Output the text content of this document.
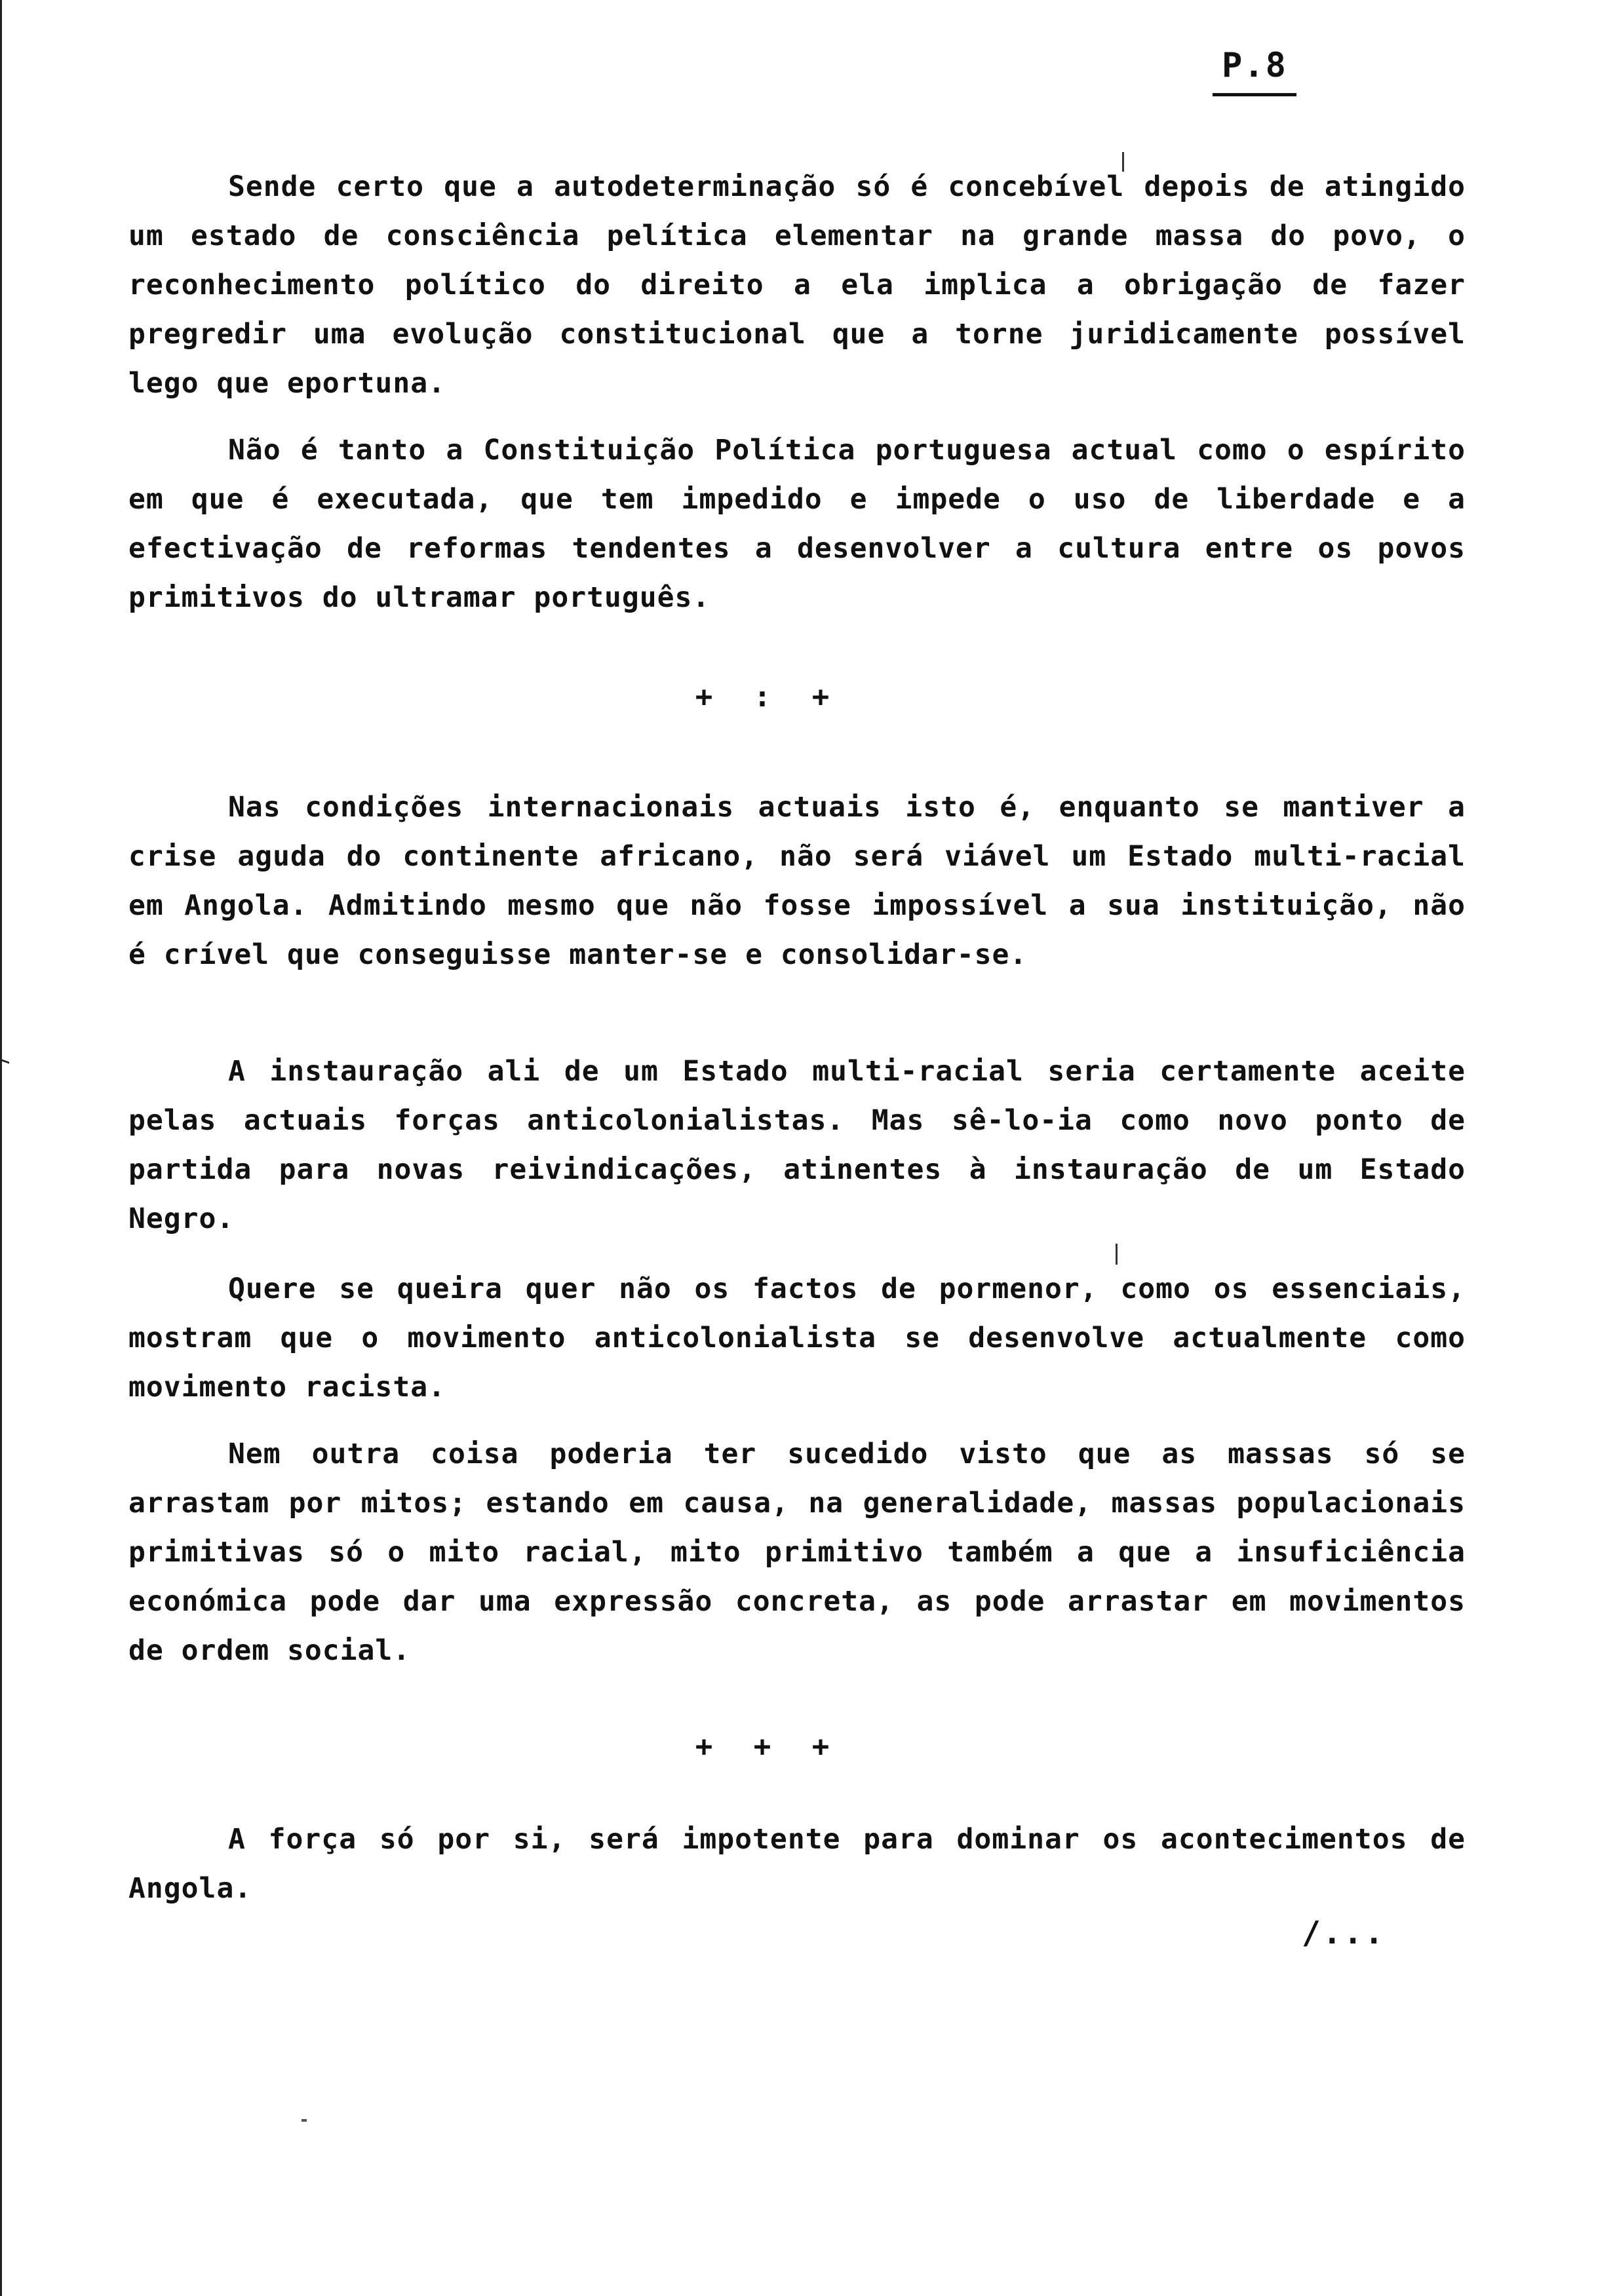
P.8

Sende certo que a autodeterminação só é concebível depois de atingido um estado de consciência pelítica elementar na grande massa do povo, o reconhecimento político do direito a ela implica a obrigação de fazer pregredir uma evolução constitucional que a torne juridicamente possível lego que eportuna.

Não é tanto a Constituição Política portuguesa actual como o espírito em que é executada, que tem impedido e impede o uso de liberdade e a efectivação de reformas tendentes a desenvolver a cultura entre os povos primitivos do ultramar português.

+ : +

Nas condições internacionais actuais isto é, enquanto se mantiver a crise aguda do continente africano, não será viável um Estado multi-racial em Angola. Admitindo mesmo que não fosse impossível a sua instituição, não é crível que conseguisse manter-se e consolidar-se.

A instauração ali de um Estado multi-racial seria certamente aceite pelas actuais forças anticolonialistas. Mas sê-lo-ia como novo ponto de partida para novas reivindicações, atinentes à instauração de um Estado Negro.

Quere se queira quer não os factos de pormenor, como os essenciais, mostram que o movimento anticolonialista se desenvolve actualmente como movimento racista.

Nem outra coisa poderia ter sucedido visto que as massas só se arrastam por mitos; estando em causa, na generalidade, massas populacionais primitivas só o mito racial, mito primitivo também a que a insuficiência económica pode dar uma expressão concreta, as pode arrastar em movimentos de ordem social.

+ + +

A força só por si, será impotente para dominar os acontecimentos de Angola.

/...
